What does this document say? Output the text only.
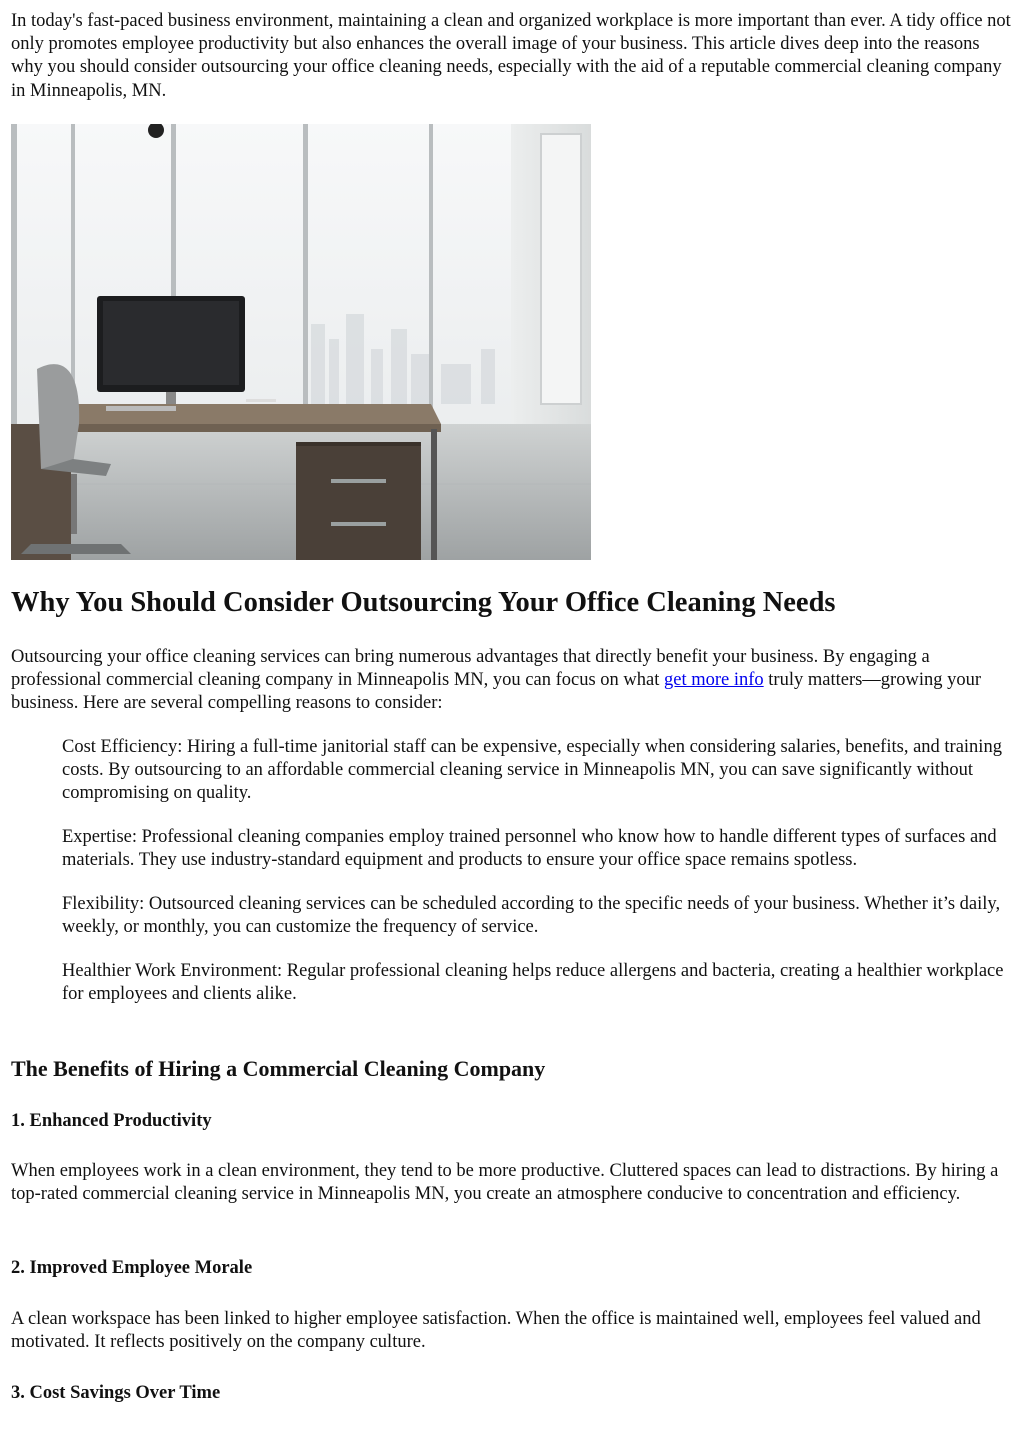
In today's fast-paced business environment, maintaining a clean and organized workplace is more important than ever. A tidy office not only promotes employee productivity but also enhances the overall image of your business. This article dives deep into the reasons why you should consider outsourcing your office cleaning needs, especially with the aid of a reputable commercial cleaning company in Minneapolis, MN.

Why You Should Consider Outsourcing Your Office Cleaning Needs

Outsourcing your office cleaning services can bring numerous advantages that directly benefit your business. By engaging a professional commercial cleaning company in Minneapolis MN, you can focus on what get more info truly matters—growing your business. Here are several compelling reasons to consider:

Cost Efficiency: Hiring a full-time janitorial staff can be expensive, especially when considering salaries, benefits, and training costs. By outsourcing to an affordable commercial cleaning service in Minneapolis MN, you can save significantly without compromising on quality.
Expertise: Professional cleaning companies employ trained personnel who know how to handle different types of surfaces and materials. They use industry-standard equipment and products to ensure your office space remains spotless.
Flexibility: Outsourced cleaning services can be scheduled according to the specific needs of your business. Whether it’s daily, weekly, or monthly, you can customize the frequency of service.
Healthier Work Environment: Regular professional cleaning helps reduce allergens and bacteria, creating a healthier workplace for employees and clients alike.
The Benefits of Hiring a Commercial Cleaning Company
1. Enhanced Productivity

When employees work in a clean environment, they tend to be more productive. Cluttered spaces can lead to distractions. By hiring a top-rated commercial cleaning service in Minneapolis MN, you create an atmosphere conducive to concentration and efficiency.

2. Improved Employee Morale

A clean workspace has been linked to higher employee satisfaction. When the office is maintained well, employees feel valued and motivated. It reflects positively on the company culture.

3. Cost Savings Over Time
